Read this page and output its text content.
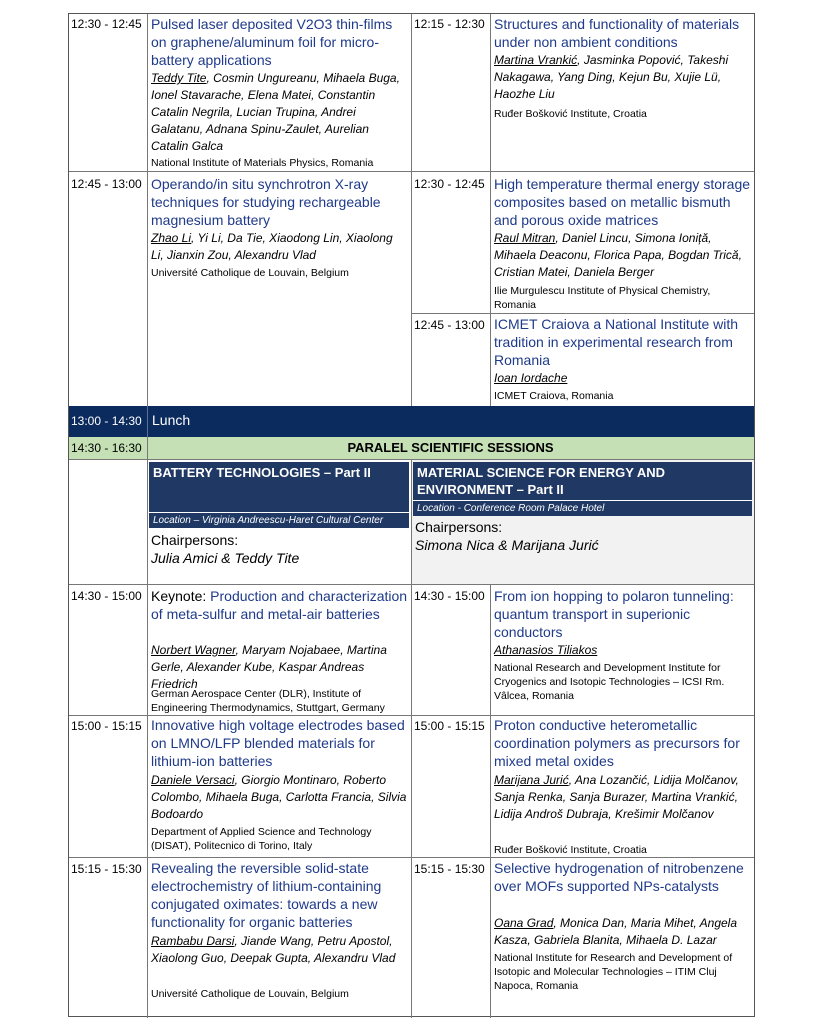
12:30 - 12:45 Pulsed laser deposited V2O3 thin-films on graphene/aluminum foil for micro-battery applications
Teddy Tite, Cosmin Ungureanu, Mihaela Buga, Ionel Stavarache, Elena Matei, Constantin Catalin Negrila, Lucian Trupina, Andrei Galatanu, Adnana Spinu-Zaulet, Aurelian Catalin Galca
National Institute of Materials Physics, Romania
12:45 - 13:00 Operando/in situ synchrotron X-ray techniques for studying rechargeable magnesium battery
Zhao Li, Yi Li, Da Tie, Xiaodong Lin, Xiaolong Li, Jianxin Zou, Alexandru Vlad
Université Catholique de Louvain, Belgium
12:15 - 12:30 Structures and functionality of materials under non ambient conditions
Martina Vrankić, Jasminka Popović, Takeshi Nakagawa, Yang Ding, Kejun Bu, Xujie Lü, Haozhe Liu
Ruđer Bošković Institute, Croatia
12:30 - 12:45 High temperature thermal energy storage composites based on metallic bismuth and porous oxide matrices
Raul Mitran, Daniel Lincu, Simona Ioniță, Mihaela Deaconu, Florica Papa, Bogdan Trică, Cristian Matei, Daniela Berger
Ilie Murgulescu Institute of Physical Chemistry, Romania
12:45 - 13:00 ICMET Craiova a National Institute with tradition in experimental research from Romania
Ioan Iordache
ICMET Craiova, Romania
13:00 - 14:30 Lunch
14:30 - 16:30	PARALEL SCIENTIFIC SESSIONS
BATTERY TECHNOLOGIES – Part II
Location – Virginia Andreescu-Haret Cultural Center
Chairpersons:
Julia Amici & Teddy Tite
MATERIAL SCIENCE FOR ENERGY AND ENVIRONMENT – Part II
Location - Conference Room Palace Hotel
Chairpersons:
Simona Nica & Marijana Jurić
14:30 - 15:00 Keynote: Production and characterization of meta-sulfur and metal-air batteries
Norbert Wagner, Maryam Nojabaee, Martina Gerle, Alexander Kube, Kaspar Andreas Friedrich
German Aerospace Center (DLR), Institute of Engineering Thermodynamics, Stuttgart, Germany
15:00 - 15:15 Innovative high voltage electrodes based on LMNO/LFP blended materials for lithium-ion batteries
Daniele Versaci, Giorgio Montinaro, Roberto Colombo, Mihaela Buga, Carlotta Francia, Silvia Bodoardo
Department of Applied Science and Technology (DISAT), Politecnico di Torino, Italy
15:15 - 15:30 Revealing the reversible solid-state electrochemistry of lithium-containing conjugated oximates: towards a new functionality for organic batteries
Rambabu Darsi, Jiande Wang, Petru Apostol, Xiaolong Guo, Deepak Gupta, Alexandru Vlad
Université Catholique de Louvain, Belgium
14:30 - 15:00 From ion hopping to polaron tunneling: quantum transport in superionic conductors
Athanasios Tiliakos
National Research and Development Institute for Cryogenics and Isotopic Technologies – ICSI Rm. Vâlcea, Romania
15:00 - 15:15 Proton conductive heterometallic coordination polymers as precursors for mixed metal oxides
Marijana Jurić, Ana Lozančić, Lidija Molčanov, Sanja Renka, Sanja Burazer, Martina Vrankić, Lidija Androš Dubraja, Krešimir Molčanov
Ruđer Bošković Institute, Croatia
15:15 - 15:30 Selective hydrogenation of nitrobenzene over MOFs supported NPs-catalysts
Oana Grad, Monica Dan, Maria Mihet, Angela Kasza, Gabriela Blanita, Mihaela D. Lazar
National Institute for Research and Development of Isotopic and Molecular Technologies – ITIM Cluj Napoca, Romania
